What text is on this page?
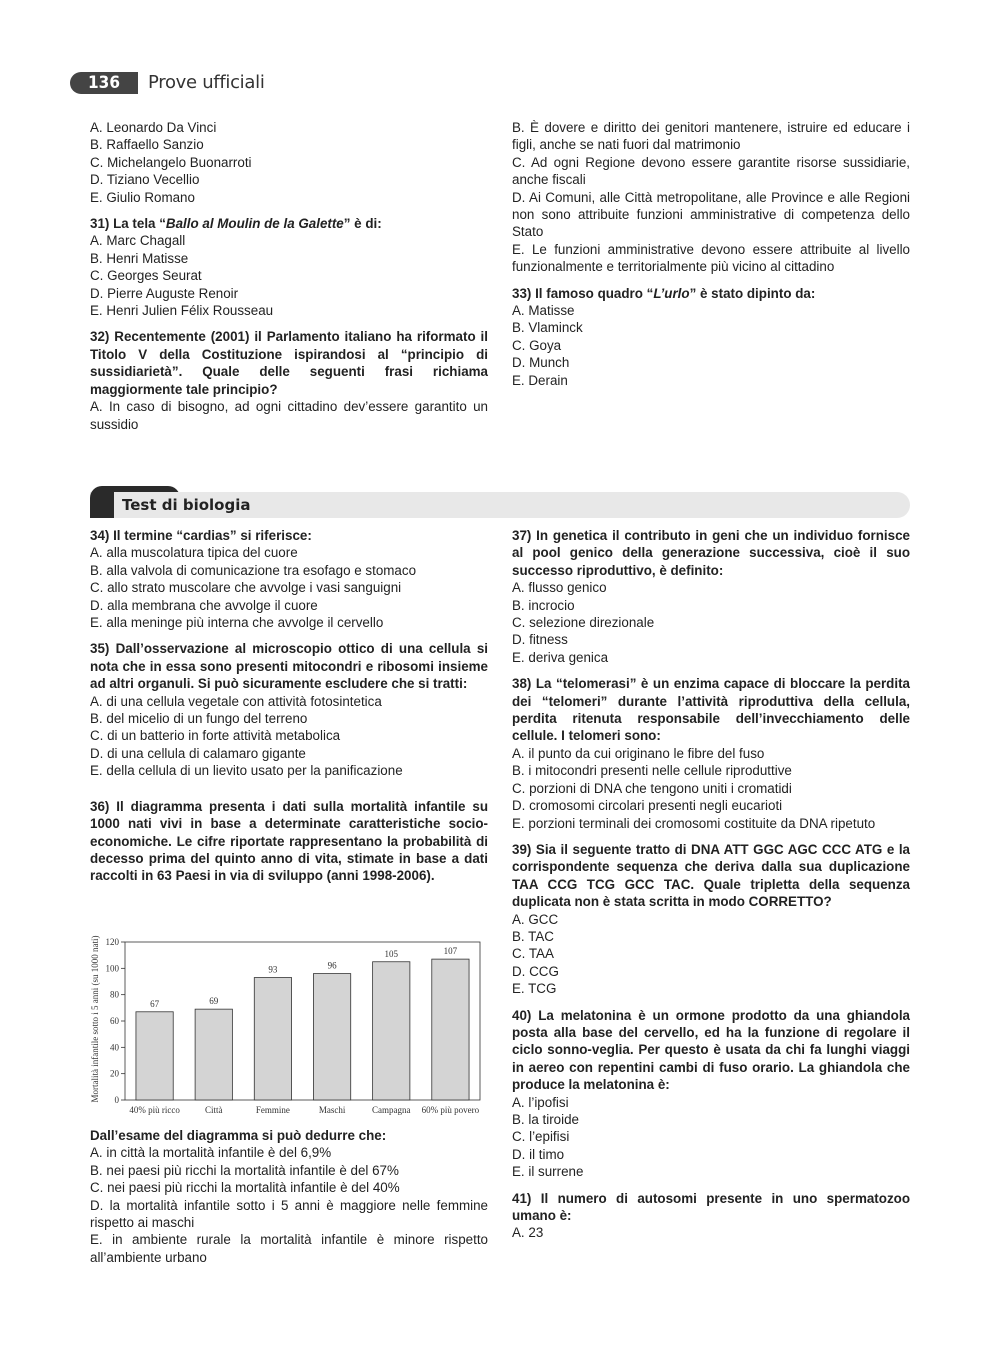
136	Prove ufficiali

A. Leonardo Da Vinci

B. Raffaello Sanzio

C. Michelangelo Buonarroti

D. Tiziano Vecellio

E. Giulio Romano

31) La tela “Ballo al Moulin de la Galette” è di:

A. Marc Chagall

B. Henri Matisse

C. Georges Seurat

D. Pierre Auguste Renoir

E. Henri Julien Félix Rousseau

32) Recentemente (2001) il Parlamento italiano ha riformato il Titolo V della Costituzione ispirandosi al “principio di sussidiarietà”. Quale delle seguenti frasi richiama maggiormente tale principio?

A. In caso di bisogno, ad ogni cittadino dev’essere garantito un sussidio

B. È dovere e diritto dei genitori mantenere, istruire ed educare i figli, anche se nati fuori dal matrimonio

C. Ad ogni Regione devono essere garantite risorse sussidiarie, anche fiscali

D. Ai Comuni, alle Città metropolitane, alle Province e alle Regioni non sono attribuite funzioni amministrative di competenza dello Stato

E. Le funzioni amministrative devono essere attribuite al livello funzionalmente e territorialmente più vicino al cittadino

33) Il famoso quadro “L’urlo” è stato dipinto da:

A. Matisse

B. Vlaminck

C. Goya

D. Munch

E. Derain

Test di biologia

34) Il termine “cardias” si riferisce:

A. alla muscolatura tipica del cuore

B. alla valvola di comunicazione tra esofago e stomaco

C. allo strato muscolare che avvolge i vasi sanguigni

D. alla membrana che avvolge il cuore

E. alla meninge più interna che avvolge il cervello

35) Dall’osservazione al microscopio ottico di una cellula si nota che in essa sono presenti mitocondri e ribosomi insieme ad altri organuli. Si può sicuramente escludere che si tratti:

A. di una cellula vegetale con attività fotosintetica

B. del micelio di un fungo del terreno

C. di un batterio in forte attività metabolica

D. di una cellula di calamaro gigante

E. della cellula di un lievito usato per la panificazione

36) Il diagramma presenta i dati sulla mortalità infantile su 1000 nati vivi in base a determinate caratteristiche socio-economiche. Le cifre riportate rappresentano la probabilità di decesso prima del quinto anno di vita, stimate in base a dati raccolti in 63 Paesi in via di sviluppo (anni 1998-2006).

Mortalità infantile sotto i 5 anni (su 1000 nati) 0
20
40
60
80
100
120
67
40% più ricco
69
Città
93
Femmine
96
Maschi
105
Campagna
107
60% più povero

Dall’esame del diagramma si può dedurre che:

A. in città la mortalità infantile è del 6,9%

B. nei paesi più ricchi la mortalità infantile è del 67%

C. nei paesi più ricchi la mortalità infantile è del 40%

D. la mortalità infantile sotto i 5 anni è maggiore nelle femmine rispetto ai maschi

E. in ambiente rurale la mortalità infantile è minore rispetto all’ambiente urbano

37) In genetica il contributo in geni che un individuo fornisce al pool genico della generazione successiva, cioè il suo successo riproduttivo, è definito:

A. flusso genico

B. incrocio

C. selezione direzionale

D. fitness

E. deriva genica

38) La “telomerasi” è un enzima capace di bloccare la perdita dei “telomeri” durante l’attività riproduttiva della cellula, perdita ritenuta responsabile dell’invecchiamento delle cellule. I telomeri sono:

A. il punto da cui originano le fibre del fuso

B. i mitocondri presenti nelle cellule riproduttive

C. porzioni di DNA che tengono uniti i cromatidi

D. cromosomi circolari presenti negli eucarioti

E. porzioni terminali dei cromosomi costituite da DNA ripetuto

39) Sia il seguente tratto di DNA ATT GGC AGC CCC ATG e la corrispondente sequenza che deriva dalla sua duplicazione TAA CCG TCG GCC TAC. Quale tripletta della sequenza duplicata non è stata scritta in modo CORRETTO?

A. GCC

B. TAC

C. TAA

D. CCG

E. TCG

40) La melatonina è un ormone prodotto da una ghiandola posta alla base del cervello, ed ha la funzione di regolare il ciclo sonno-veglia. Per questo è usata da chi fa lunghi viaggi in aereo con repentini cambi di fuso orario. La ghiandola che produce la melatonina è:

A. l’ipofisi

B. la tiroide

C. l’epifisi

D. il timo

E. il surrene

41) Il numero di autosomi presente in uno spermatozoo umano è:

A. 23
